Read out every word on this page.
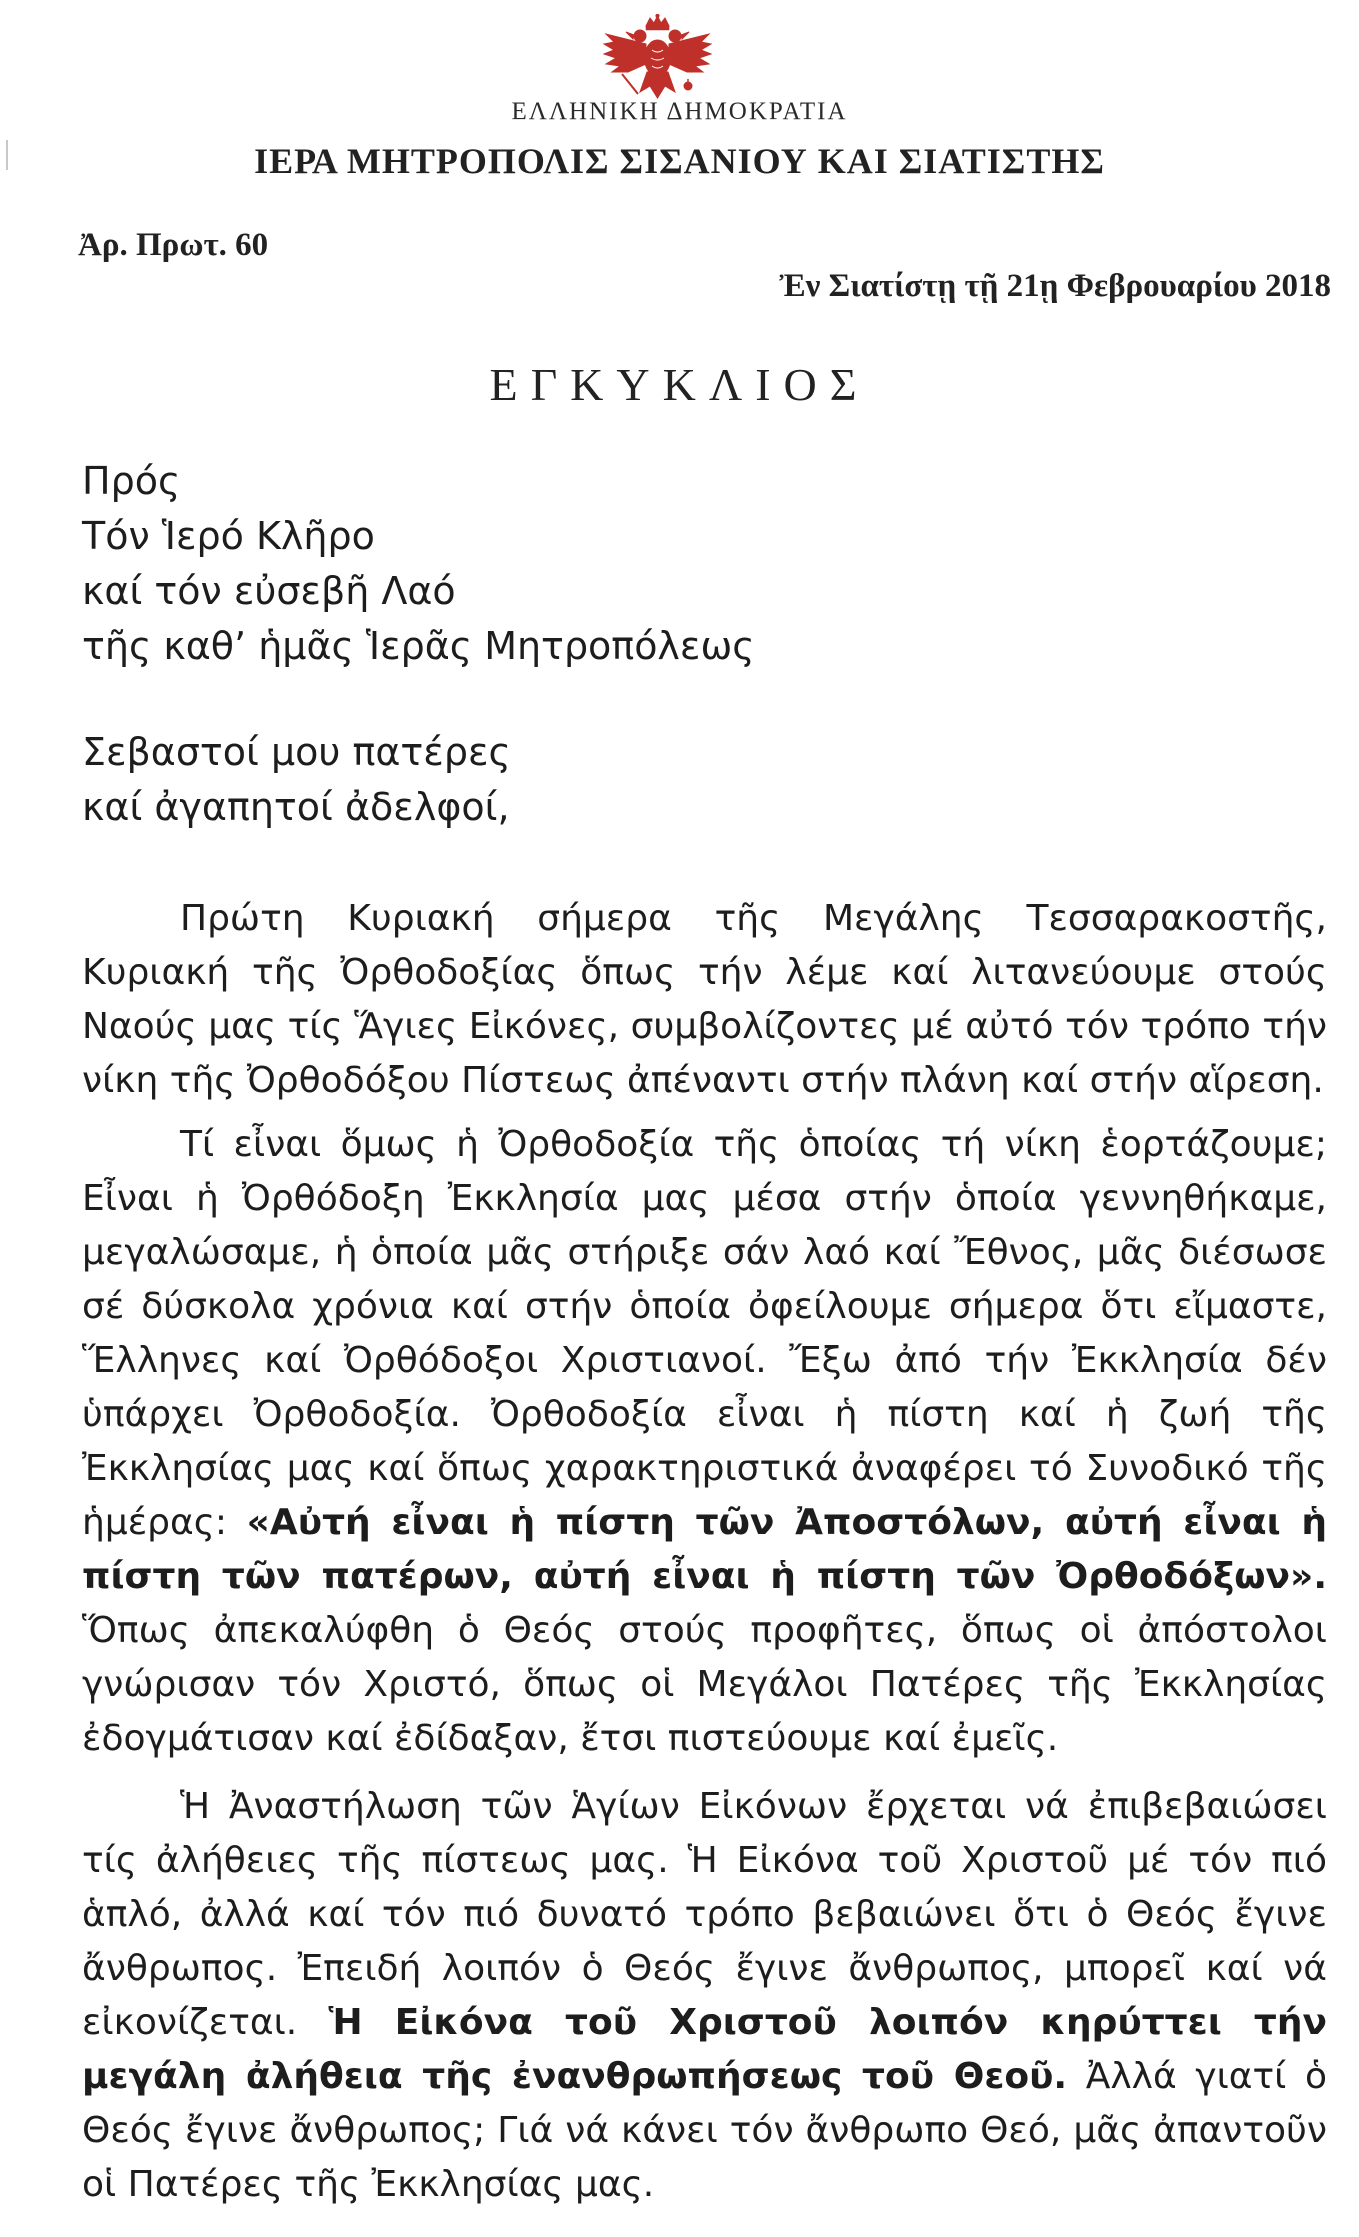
ΕΛΛΗΝΙΚΗ ΔΗΜΟΚΡΑΤΙΑ
ΙΕΡΑ ΜΗΤΡΟΠΟΛΙΣ ΣΙΣΑΝΙΟΥ ΚΑΙ ΣΙΑΤΙΣΤΗΣ
Ἀρ. Πρωτ. 60
Ἐν Σιατίστῃ τῇ 21ῃ Φεβρουαρίου 2018
ΕΓΚΥΚΛΙΟΣ
Πρός
Τόν Ἱερό Κλῆρο
καί τόν εὐσεβῆ Λαό
τῆς καθ’ ἡμᾶς Ἱερᾶς Μητροπόλεως
Σεβαστοί μου πατέρες
καί ἀγαπητοί ἀδελφοί,

Πρώτη Κυριακή σήμερα τῆς Μεγάλης Τεσσαρακοστῆς, Κυριακή τῆς Ὀρθοδοξίας ὅπως τήν λέμε καί λιτανεύουμε στούς Ναούς μας τίς Ἅγιες Εἰκόνες, συμβολίζοντες μέ αὐτό τόν τρόπο τήν νίκη τῆς Ὀρθοδόξου Πίστεως ἀπέναντι στήν πλάνη καί στήν αἵρεση.

Τί εἶναι ὅμως ἡ Ὀρθοδοξία τῆς ὁποίας τή νίκη ἑορτάζουμε; Εἶναι ἡ Ὀρθόδοξη Ἐκκλησία μας μέσα στήν ὁποία γεννηθήκαμε, μεγαλώσαμε, ἡ ὁποία μᾶς στήριξε σάν λαό καί Ἔθνος, μᾶς διέσωσε σέ δύσκολα χρόνια καί στήν ὁποία ὀφείλουμε σήμερα ὅτι εἴμαστε, Ἕλληνες καί Ὀρθόδοξοι Χριστιανοί. Ἔξω ἀπό τήν Ἐκκλησία δέν ὑπάρχει Ὀρθοδοξία. Ὀρθοδοξία εἶναι ἡ πίστη καί ἡ ζωή τῆς Ἐκκλησίας μας καί ὅπως χαρακτηριστικά ἀναφέρει τό Συνοδικό τῆς ἡμέρας: «Αὐτή εἶναι ἡ πίστη τῶν Ἀποστόλων, αὐτή εἶναι ἡ πίστη τῶν πατέρων, αὐτή εἶναι ἡ πίστη τῶν Ὀρθοδόξων». Ὅπως ἀπεκαλύφθη ὁ Θεός στούς προφῆτες, ὅπως οἱ ἀπόστολοι γνώρισαν τόν Χριστό, ὅπως οἱ Μεγάλοι Πατέρες τῆς Ἐκκλησίας ἐδογμάτισαν καί ἐδίδαξαν, ἔτσι πιστεύουμε καί ἐμεῖς.

Ἡ Ἀναστήλωση τῶν Ἁγίων Εἰκόνων ἔρχεται νά ἐπιβεβαιώσει τίς ἀλήθειες τῆς πίστεως μας. Ἡ Εἰκόνα τοῦ Χριστοῦ μέ τόν πιό ἁπλό, ἀλλά καί τόν πιό δυνατό τρόπο βεβαιώνει ὅτι ὁ Θεός ἔγινε ἄνθρωπος. Ἐπειδή λοιπόν ὁ Θεός ἔγινε ἄνθρωπος, μπορεῖ καί νά εἰκονίζεται. Ἡ Εἰκόνα τοῦ Χριστοῦ λοιπόν κηρύττει τήν μεγάλη ἀλήθεια τῆς ἐνανθρωπήσεως τοῦ Θεοῦ. Ἀλλά γιατί ὁ Θεός ἔγινε ἄνθρωπος; Γιά νά κάνει τόν ἄνθρωπο Θεό, μᾶς ἀπαντοῦν οἱ Πατέρες τῆς Ἐκκλησίας μας.
